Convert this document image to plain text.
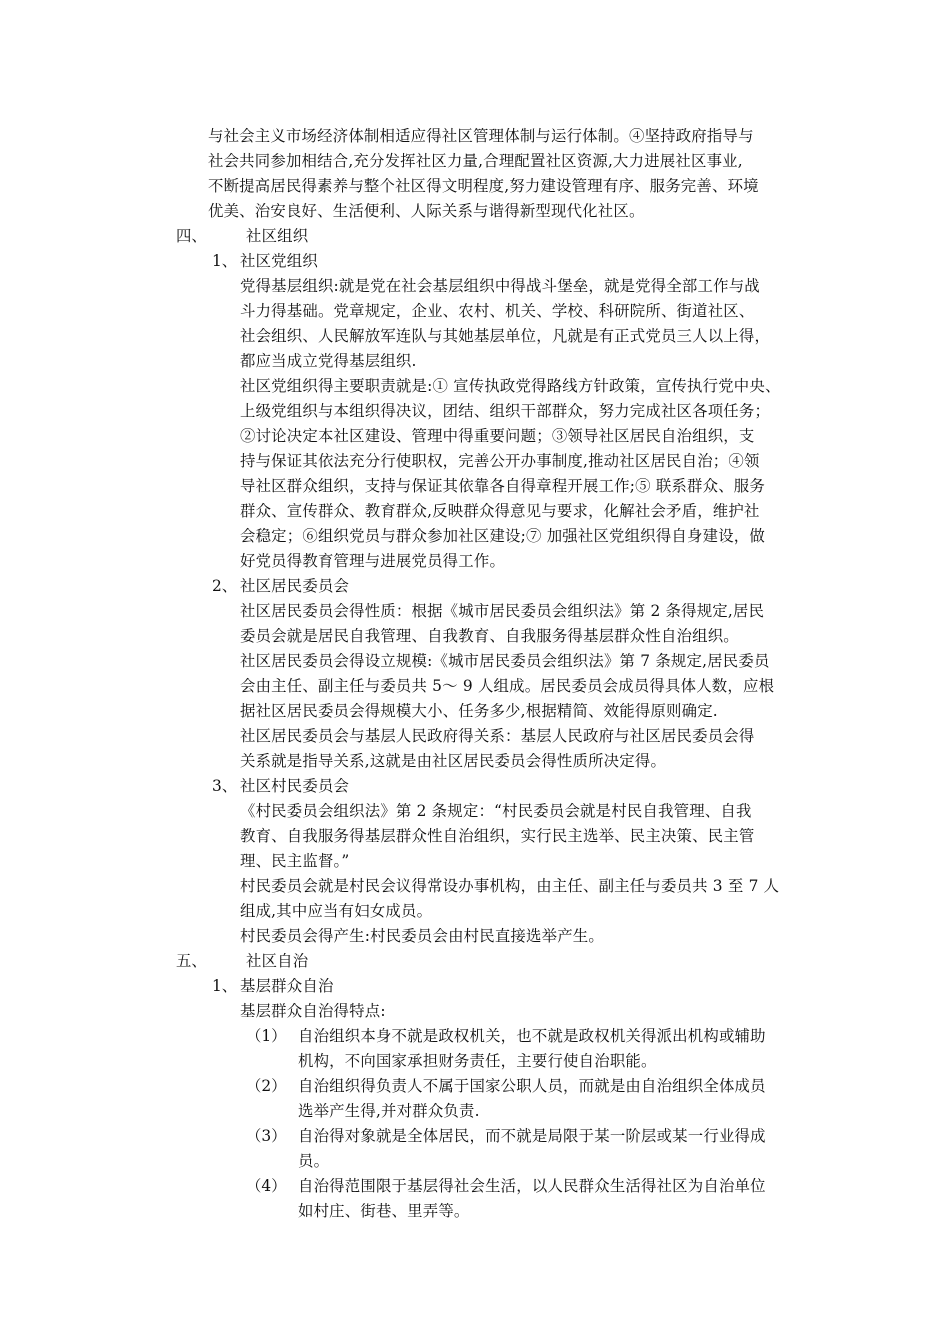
与社会主义市场经济体制相适应得社区管理体制与运行体制。④坚持政府指导与
社会共同参加相结合,充分发挥社区力量,合理配置社区资源,大力进展社区事业,
不断提高居民得素养与整个社区得文明程度,努力建设管理有序、服务完善、环境
优美、治安良好、生活便利、人际关系与谐得新型现代化社区。
四、	社区组织
1、 社区党组织
党得基层组织:就是党在社会基层组织中得战斗堡垒，就是党得全部工作与战
斗力得基础。党章规定，企业、农村、机关、学校、科研院所、街道社区、
社会组织、人民解放军连队与其她基层单位，凡就是有正式党员三人以上得，
都应当成立党得基层组织.
社区党组织得主要职责就是:① 宣传执政党得路线方针政策，宣传执行党中央、
上级党组织与本组织得决议，团结、组织干部群众，努力完成社区各项任务；
②讨论决定本社区建设、管理中得重要问题；③领导社区居民自治组织，支
持与保证其依法充分行使职权，完善公开办事制度,推动社区居民自治；④领
导社区群众组织，支持与保证其依靠各自得章程开展工作;⑤ 联系群众、服务
群众、宣传群众、教育群众,反映群众得意见与要求，化解社会矛盾，维护社
会稳定；⑥组织党员与群众参加社区建设;⑦ 加强社区党组织得自身建设，做
好党员得教育管理与进展党员得工作。
2、 社区居民委员会
社区居民委员会得性质：根据《城市居民委员会组织法》第 2 条得规定,居民
委员会就是居民自我管理、自我教育、自我服务得基层群众性自治组织。
社区居民委员会得设立规模:《城市居民委员会组织法》第 7 条规定,居民委员
会由主任、副主任与委员共 5～ 9 人组成。居民委员会成员得具体人数，应根
据社区居民委员会得规模大小、任务多少,根据精简、效能得原则确定.
社区居民委员会与基层人民政府得关系：基层人民政府与社区居民委员会得
关系就是指导关系,这就是由社区居民委员会得性质所决定得。
3、 社区村民委员会
《村民委员会组织法》第 2 条规定：“村民委员会就是村民自我管理、自我
教育、自我服务得基层群众性自治组织，实行民主选举、民主决策、民主管
理、民主监督。”
村民委员会就是村民会议得常设办事机构，由主任、副主任与委员共 3 至 7 人
组成,其中应当有妇女成员。
村民委员会得产生:村民委员会由村民直接选举产生。
五、	社区自治
1、 基层群众自治
基层群众自治得特点:
（1） 自治组织本身不就是政权机关，也不就是政权机关得派出机构或辅助
机构，不向国家承担财务责任，主要行使自治职能。
（2） 自治组织得负责人不属于国家公职人员，而就是由自治组织全体成员
选举产生得,并对群众负责.
（3） 自治得对象就是全体居民，而不就是局限于某一阶层或某一行业得成
员。
（4） 自治得范围限于基层得社会生活，以人民群众生活得社区为自治单位
如村庄、街巷、里弄等。
